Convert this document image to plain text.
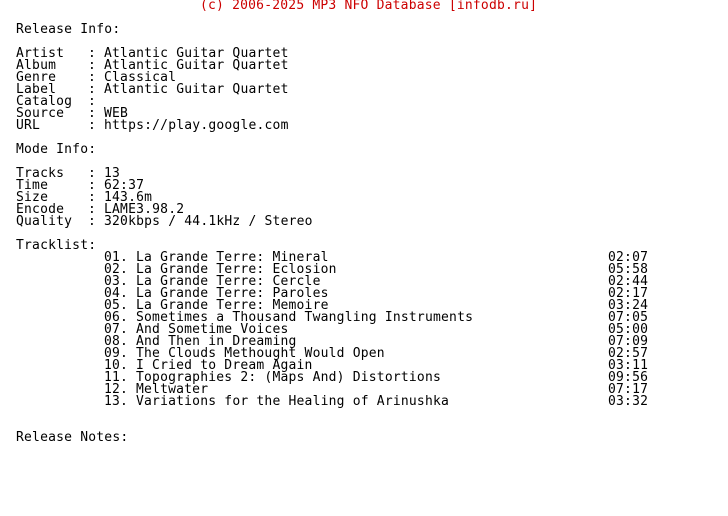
(c) 2006-2025 MP3 NFO Database [infodb.ru]
Release Info:
Artist : Atlantic Guitar Quartet
Album : Atlantic Guitar Quartet
Genre : Classical
Label : Atlantic Guitar Quartet
Catalog :
Source : WEB
URL	: https://play.google.com
Mode Info:
Tracks : 13
Time	: 62:37
Size	: 143.6m
Encode : LAME3.98.2
Quality : 320kbps / 44.1kHz / Stereo
Tracklist:
01. La Grande Terre: Mineral	02:07
02. La Grande Terre: Eclosion	05:58
03. La Grande Terre: Cercle	02:44
04. La Grande Terre: Paroles	02:17
05. La Grande Terre: Memoire	03:24
06. Sometimes a Thousand Twangling Instruments	07:05
07. And Sometime Voices	05:00
08. And Then in Dreaming	07:09
09. The Clouds Methought Would Open	02:57
10. I Cried to Dream Again	03:11
11. Topographies 2: (Maps And) Distortions	09:56
12. Meltwater	07:17
13. Variations for the Healing of Arinushka	03:32
Release Notes:
